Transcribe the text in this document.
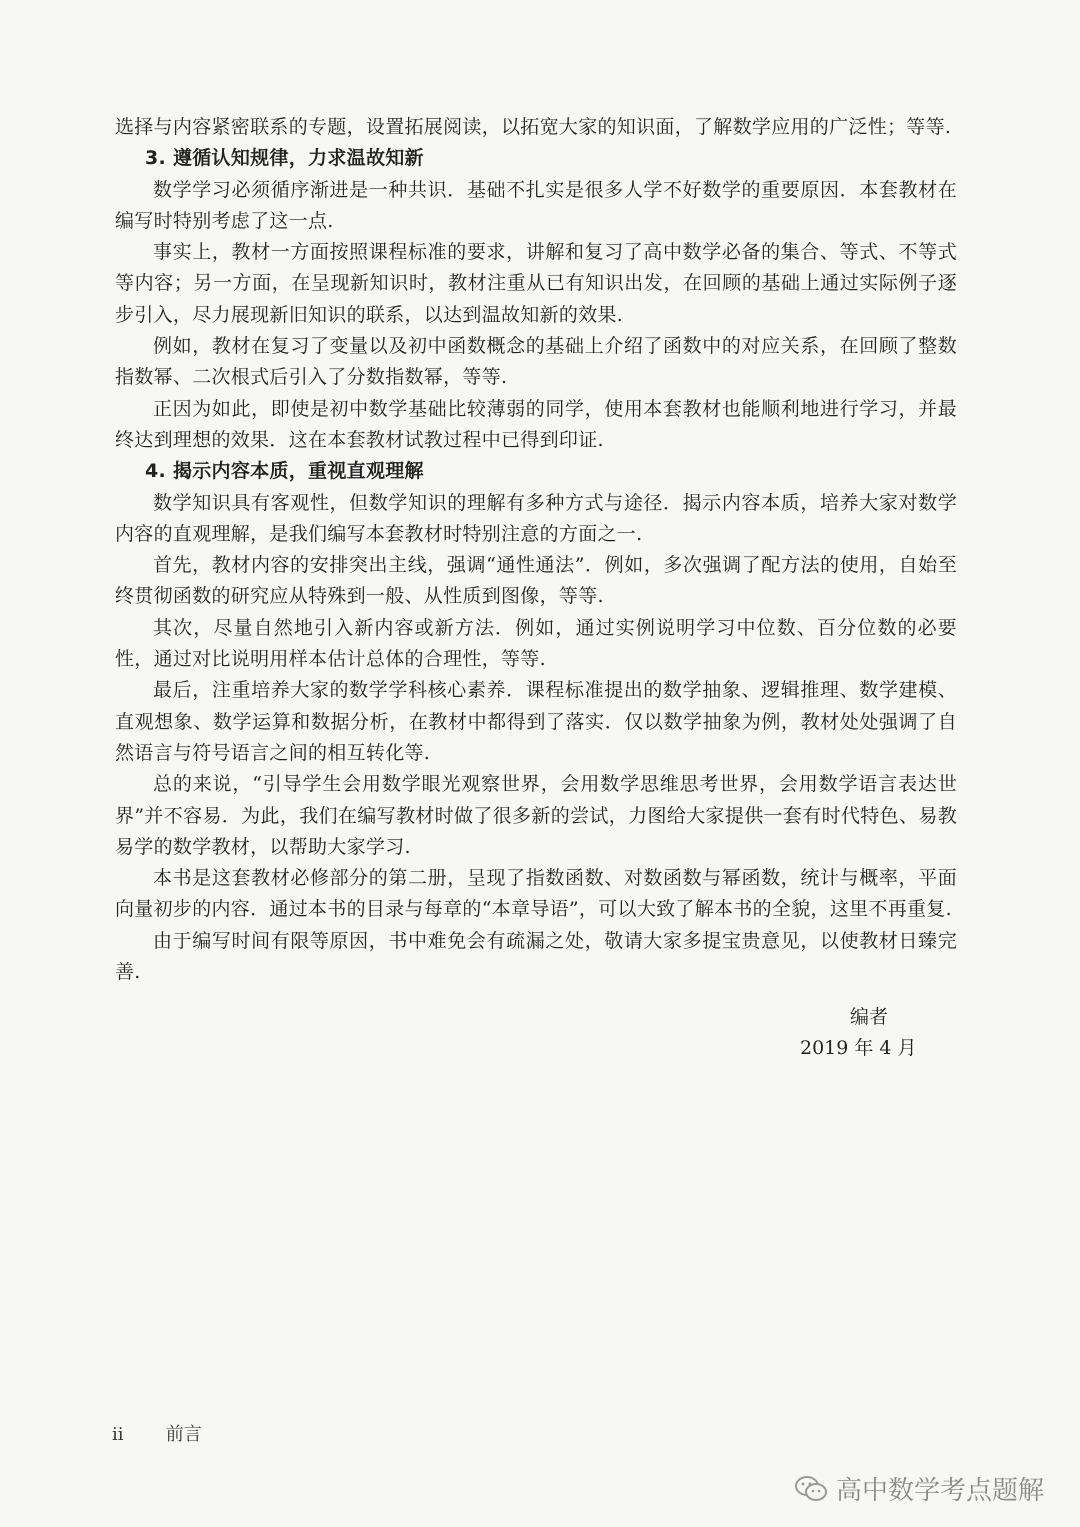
选择与内容紧密联系的专题，设置拓展阅读，以拓宽大家的知识面，了解数学应用的广泛性；等等.

3. 遵循认知规律，力求温故知新

数学学习必须循序渐进是一种共识．基础不扎实是很多人学不好数学的重要原因．本套教材在编写时特别考虑了这一点.

事实上，教材一方面按照课程标准的要求，讲解和复习了高中数学必备的集合、等式、不等式等内容；另一方面，在呈现新知识时，教材注重从已有知识出发，在回顾的基础上通过实际例子逐步引入，尽力展现新旧知识的联系，以达到温故知新的效果.

例如，教材在复习了变量以及初中函数概念的基础上介绍了函数中的对应关系，在回顾了整数指数幂、二次根式后引入了分数指数幂，等等.

正因为如此，即使是初中数学基础比较薄弱的同学，使用本套教材也能顺利地进行学习，并最终达到理想的效果．这在本套教材试教过程中已得到印证.

4. 揭示内容本质，重视直观理解

数学知识具有客观性，但数学知识的理解有多种方式与途径．揭示内容本质，培养大家对数学内容的直观理解，是我们编写本套教材时特别注意的方面之一.

首先，教材内容的安排突出主线，强调“通性通法”．例如，多次强调了配方法的使用，自始至终贯彻函数的研究应从特殊到一般、从性质到图像，等等.

其次，尽量自然地引入新内容或新方法．例如，通过实例说明学习中位数、百分位数的必要性，通过对比说明用样本估计总体的合理性，等等.

最后，注重培养大家的数学学科核心素养．课程标准提出的数学抽象、逻辑推理、数学建模、直观想象、数学运算和数据分析，在教材中都得到了落实．仅以数学抽象为例，教材处处强调了自然语言与符号语言之间的相互转化等.

总的来说，“引导学生会用数学眼光观察世界，会用数学思维思考世界，会用数学语言表达世界”并不容易．为此，我们在编写教材时做了很多新的尝试，力图给大家提供一套有时代特色、易教易学的数学教材，以帮助大家学习.

本书是这套教材必修部分的第二册，呈现了指数函数、对数函数与幂函数，统计与概率，平面向量初步的内容．通过本书的目录与每章的“本章导语”，可以大致了解本书的全貌，这里不再重复.

由于编写时间有限等原因，书中难免会有疏漏之处，敬请大家多提宝贵意见，以使教材日臻完善.

编者
2019 年 4 月
ii 前言
高中数学考点题解
